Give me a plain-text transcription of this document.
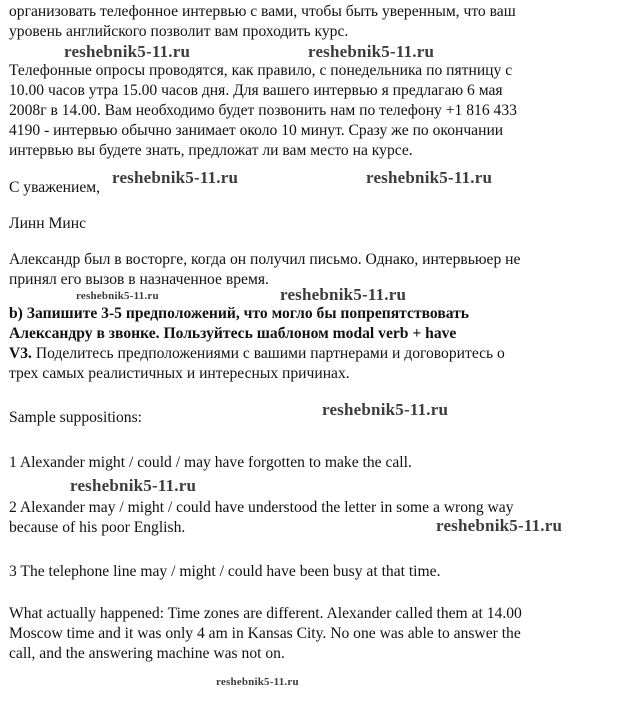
организовать телефонное интервью с вами, чтобы быть уверенным, что ваш
уровень английского позволит вам проходить курс.
Телефонные опросы проводятся, как правило, с понедельника по пятницу с
10.00 часов утра 15.00 часов дня. Для вашего интервью я предлагаю 6 мая
2008г в 14.00. Вам необходимо будет позвонить нам по телефону +1 816 433
4190 - интервью обычно занимает около 10 минут. Сразу же по окончании
интервью вы будете знать, предложат ли вам место на курсе.
С уважением,
Линн Минс
Александр был в восторге, когда он получил письмо. Однако, интервьюер не
принял его вызов в назначенное время.
b) Запишите 3-5 предположений, что могло бы попрепятствовать
Александру в звонке. Пользуйтесь шаблоном modal verb + have
V3. Поделитесь предположениями с вашими партнерами и договоритесь о
трех самых реалистичных и интересных причинах.
Sample suppositions:
1 Alexander might / could / may have forgotten to make the call.
2 Alexander may / might / could have understood the letter in some a wrong way
because of his poor English.
3 The telephone line may / might / could have been busy at that time.
What actually happened: Time zones are different. Alexander called them at 14.00
Moscow time and it was only 4 am in Kansas City. No one was able to answer the
call, and the answering machine was not on.
reshebnik5-11.ru	reshebnik5-11.ru
reshebnik5-11.ru	reshebnik5-11.ru
reshebnik5-11.ru	reshebnik5-11.ru
reshebnik5-11.ru
reshebnik5-11.ru
reshebnik5-11.ru
reshebnik5-11.ru
